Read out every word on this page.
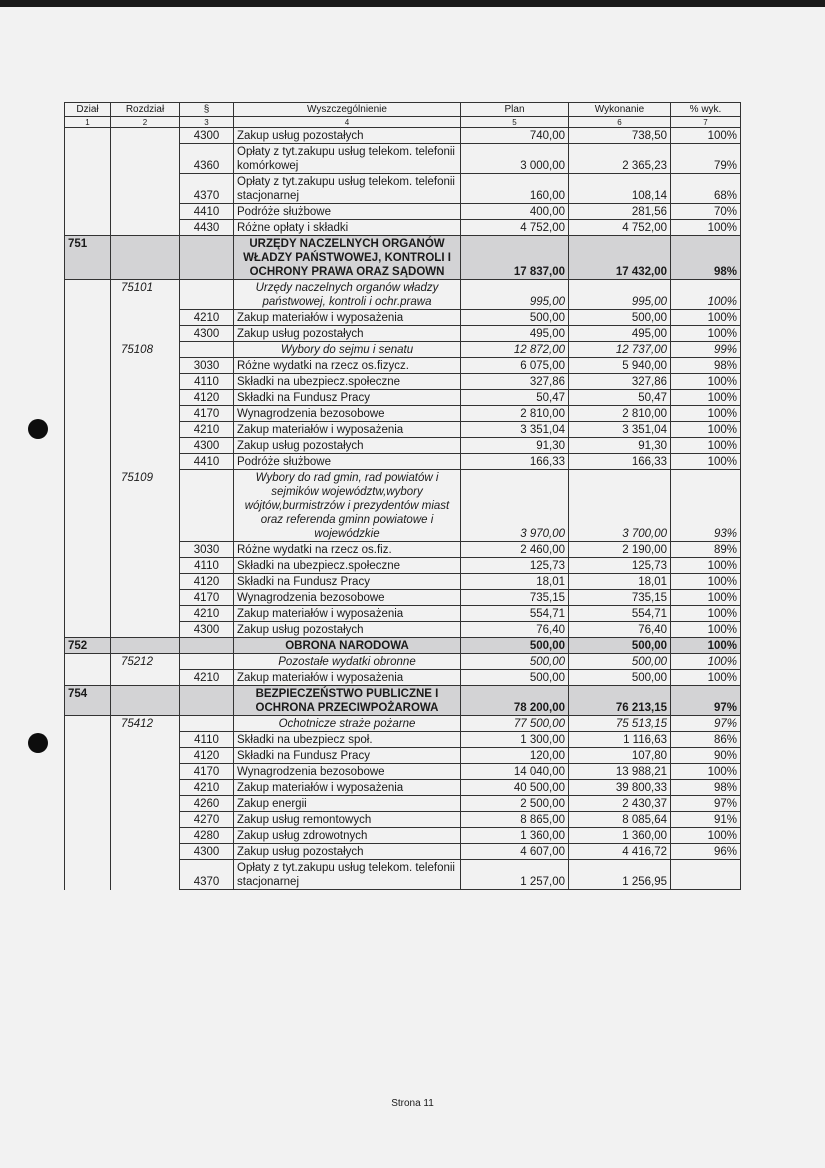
Dział	Rozdział	§	Wyszczególnienie	Plan	Wykonanie	% wyk.
1	2	3	4	5	6	7
		4300	Zakup usług pozostałych	740,00	738,50	100%
		4360	Opłaty z tyt.zakupu usług telekom. telefonii komórkowej	3 000,00	2 365,23	79%
		4370	Opłaty z tyt.zakupu usług telekom. telefonii stacjonarnej	160,00	108,14	68%
		4410	Podróże służbowe	400,00	281,56	70%
		4430	Różne opłaty i składki	4 752,00	4 752,00	100%
751			URZĘDY NACZELNYCH ORGANÓW WŁADZY PAŃSTWOWEJ, KONTROLI I OCHRONY PRAWA ORAZ SĄDOWN	17 837,00	17 432,00	98%
	75101		Urzędy naczelnych organów władzy państwowej, kontroli i ochr.prawa	995,00	995,00	100%
		4210	Zakup materiałów i wyposażenia	500,00	500,00	100%
		4300	Zakup usług pozostałych	495,00	495,00	100%
	75108		Wybory do sejmu i senatu	12 872,00	12 737,00	99%
		3030	Różne wydatki na rzecz os.fizycz.	6 075,00	5 940,00	98%
		4110	Składki na ubezpiecz.społeczne	327,86	327,86	100%
		4120	Składki na Fundusz Pracy	50,47	50,47	100%
		4170	Wynagrodzenia bezosobowe	2 810,00	2 810,00	100%
		4210	Zakup materiałów i wyposażenia	3 351,04	3 351,04	100%
		4300	Zakup usług pozostałych	91,30	91,30	100%
		4410	Podróże służbowe	166,33	166,33	100%
	75109		Wybory do rad gmin, rad powiatów i sejmików województw,wybory wójtów,burmistrzów i prezydentów miast oraz referenda gminn powiatowe i wojewódzkie	3 970,00	3 700,00	93%
		3030	Różne wydatki na rzecz os.fiz.	2 460,00	2 190,00	89%
		4110	Składki na ubezpiecz.społeczne	125,73	125,73	100%
		4120	Składki na Fundusz Pracy	18,01	18,01	100%
		4170	Wynagrodzenia bezosobowe	735,15	735,15	100%
		4210	Zakup materiałów i wyposażenia	554,71	554,71	100%
		4300	Zakup usług pozostałych	76,40	76,40	100%
752			OBRONA NARODOWA	500,00	500,00	100%
	75212		Pozostałe wydatki obronne	500,00	500,00	100%
		4210	Zakup materiałów i wyposażenia	500,00	500,00	100%
754			BEZPIECZEŃSTWO PUBLICZNE I OCHRONA PRZECIWPOŻAROWA	78 200,00	76 213,15	97%
	75412		Ochotnicze straże pożarne	77 500,00	75 513,15	97%
		4110	Składki na ubezpiecz społ.	1 300,00	1 116,63	86%
		4120	Składki na Fundusz Pracy	120,00	107,80	90%
		4170	Wynagrodzenia bezosobowe	14 040,00	13 988,21	100%
		4210	Zakup materiałów i wyposażenia	40 500,00	39 800,33	98%
		4260	Zakup energii	2 500,00	2 430,37	97%
		4270	Zakup usług remontowych	8 865,00	8 085,64	91%
		4280	Zakup usług zdrowotnych	1 360,00	1 360,00	100%
		4300	Zakup usług pozostałych	4 607,00	4 416,72	96%
		4370	Opłaty z tyt.zakupu usług telekom. telefonii stacjonarnej	1 257,00	1 256,95	
Strona 11
